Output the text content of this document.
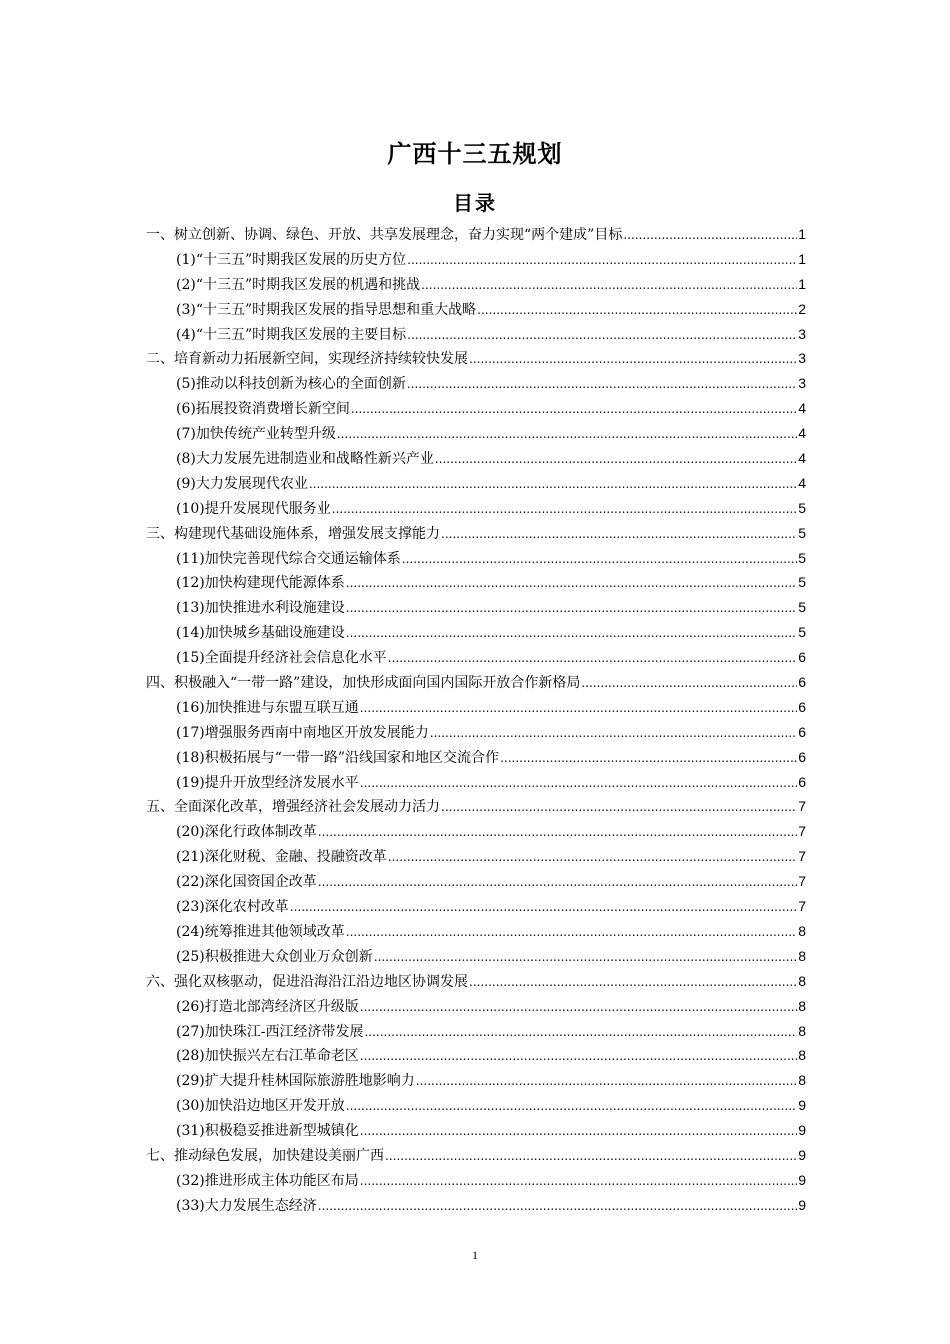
广西十三五规划
目录
一、树立创新、协调、绿色、开放、共享发展理念，奋力实现“两个建成”目标 .....	1
(1)“十三五”时期我区发展的历史方位 .....	1
(2)“十三五”时期我区发展的机遇和挑战 .....	1
(3)“十三五”时期我区发展的指导思想和重大战略 .....	2
(4)“十三五”时期我区发展的主要目标 .....	3
二、培育新动力拓展新空间，实现经济持续较快发展 .....	3
(5)推动以科技创新为核心的全面创新 .....	3
(6)拓展投资消费增长新空间 .....	4
(7)加快传统产业转型升级 .....	4
(8)大力发展先进制造业和战略性新兴产业 .....	4
(9)大力发展现代农业 .....	4
(10)提升发展现代服务业 .....	5
三、构建现代基础设施体系，增强发展支撑能力 .....	5
(11)加快完善现代综合交通运输体系 .....	5
(12)加快构建现代能源体系 .....	5
(13)加快推进水利设施建设 .....	5
(14)加快城乡基础设施建设 .....	5
(15)全面提升经济社会信息化水平 .....	6
四、积极融入“一带一路”建设，加快形成面向国内国际开放合作新格局 .....	6
(16)加快推进与东盟互联互通 .....	6
(17)增强服务西南中南地区开放发展能力 .....	6
(18)积极拓展与“一带一路”沿线国家和地区交流合作 .....	6
(19)提升开放型经济发展水平 .....	6
五、全面深化改革，增强经济社会发展动力活力 .....	7
(20)深化行政体制改革 .....	7
(21)深化财税、金融、投融资改革 .....	7
(22)深化国资国企改革 .....	7
(23)深化农村改革 .....	7
(24)统筹推进其他领域改革 .....	8
(25)积极推进大众创业万众创新 .....	8
六、强化双核驱动，促进沿海沿江沿边地区协调发展 .....	8
(26)打造北部湾经济区升级版 .....	8
(27)加快珠江-西江经济带发展 .....	8
(28)加快振兴左右江革命老区 .....	8
(29)扩大提升桂林国际旅游胜地影响力 .....	8
(30)加快沿边地区开发开放 .....	9
(31)积极稳妥推进新型城镇化 .....	9
七、推动绿色发展，加快建设美丽广西 .....	9
(32)推进形成主体功能区布局 .....	9
(33)大力发展生态经济 .....	9
1
